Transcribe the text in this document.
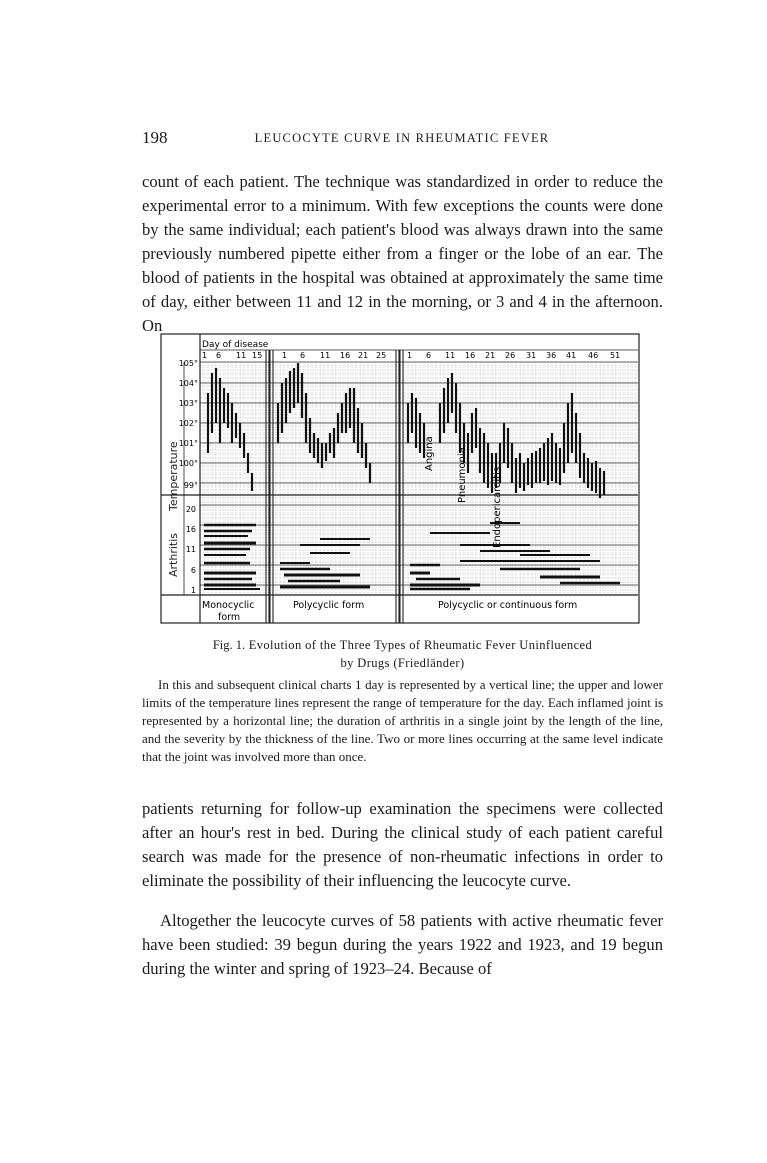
198	LEUCOCYTE CURVE IN RHEUMATIC FEVER

count of each patient. The technique was standardized in order to reduce the experimental error to a minimum. With few exceptions the counts were done by the same individual; each patient's blood was always drawn into the same previously numbered pipette either from a finger or the lobe of an ear. The blood of patients in the hospital was obtained at approximately the same time of day, either between 11 and 12 in the morning, or 3 and 4 in the afternoon. On

Temperature
Arthritis
105°
104°
103°
102°
101°
100°
99°
20
16
11
6
1
Day of disease
1 6 11 15 1 6 11 16 21 25	1 6 11 16 21 26 31 36 41 46 51
Angina Pneumonia Endopericarditis
Monocyclic
form
Polycyclic form	Polycyclic or continuous form
Fig. 1. Evolution of the Three Types of Rheumatic Fever Uninfluenced
by Drugs (Friedländer)

In this and subsequent clinical charts 1 day is represented by a vertical line; the upper and lower limits of the temperature lines represent the range of temperature for the day. Each inflamed joint is represented by a horizontal line; the duration of arthritis in a single joint by the length of the line, and the severity by the thickness of the line. Two or more lines occurring at the same level indicate that the joint was involved more than once.

patients returning for follow-up examination the specimens were collected after an hour's rest in bed. During the clinical study of each patient careful search was made for the presence of non-rheumatic infections in order to eliminate the possibility of their influencing the leucocyte curve.

Altogether the leucocyte curves of 58 patients with active rheumatic fever have been studied: 39 begun during the years 1922 and 1923, and 19 begun during the winter and spring of 1923–24. Because of
